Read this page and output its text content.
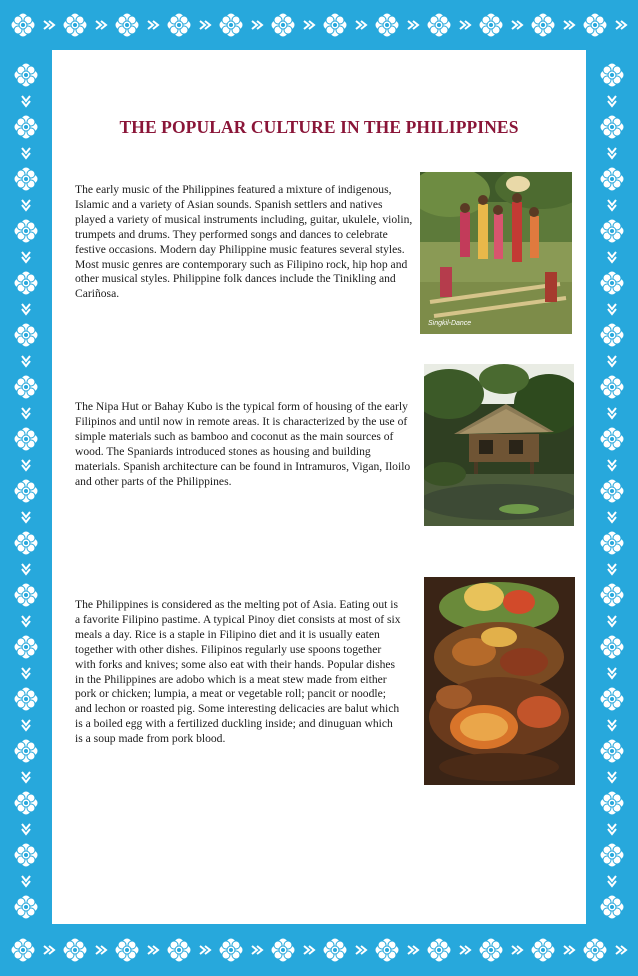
THE POPULAR CULTURE IN THE PHILIPPINES

The early music of the Philippines featured a mixture of indigenous, Islamic and a variety of Asian sounds. Spanish settlers and natives played a variety of musical instruments including, guitar, ukulele, violin, trumpets and drums. They performed songs and dances to celebrate festive occasions. Modern day Philippine music features several styles. Most music genres are contemporary such as Filipino rock, hip hop and other musical styles. Philippine folk dances include the Tinikling and Cariñosa.

The Nipa Hut or Bahay Kubo is the typical form of housing of the early Filipinos and until now in remote areas. It is characterized by the use of simple materials such as bamboo and coconut as the main sources of wood. The Spaniards introduced stones as housing and building materials. Spanish architecture can be found in Intramuros, Vigan, Iloilo and other parts of the Philippines.

The Philippines is considered as the melting pot of Asia. Eating out is a favorite Filipino pastime. A typical Pinoy diet consists at most of six meals a day. Rice is a staple in Filipino diet and it is usually eaten together with other dishes. Filipinos regularly use spoons together with forks and knives; some also eat with their hands. Popular dishes in the Philippines are adobo which is a meat stew made from either pork or chicken; lumpia, a meat or vegetable roll; pancit or noodle; and lechon or roasted pig. Some interesting delicacies are balut which is a boiled egg with a fertilized duckling inside; and dinuguan which is a soup made from pork blood.

Singkil-Dance
